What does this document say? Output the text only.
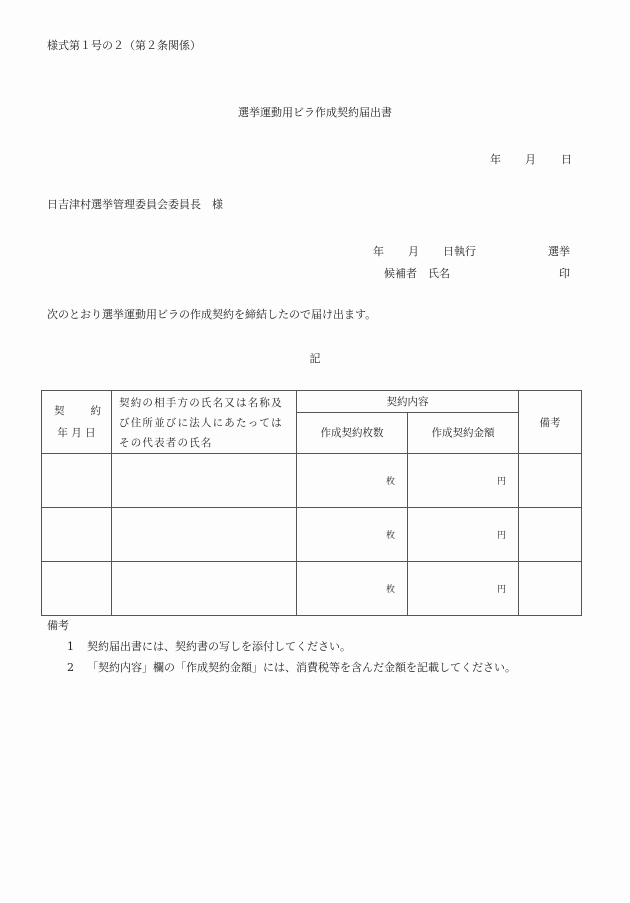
様式第１号の２（第２条関係）
選挙運動用ビラ作成契約届出書
年 月 日
日吉津村選挙管理委員会委員長　様
年 月 日執行	選挙
候補者　氏名	印
次のとおり選挙運動用ビラの作成契約を締結したので届け出ます。
記
契 約
年 月 日	契約の相手方の氏名又は名称及び住所並びに法人にあたってはその代表者の氏名	契約内容		備考
		作成契約枚数	作成契約金額	
		枚	円	
		枚	円	
		枚	円	
備考
1 契約届出書には、契約書の写しを添付してください。
2 「契約内容」欄の「作成契約金額」には、消費税等を含んだ金額を記載してください。
